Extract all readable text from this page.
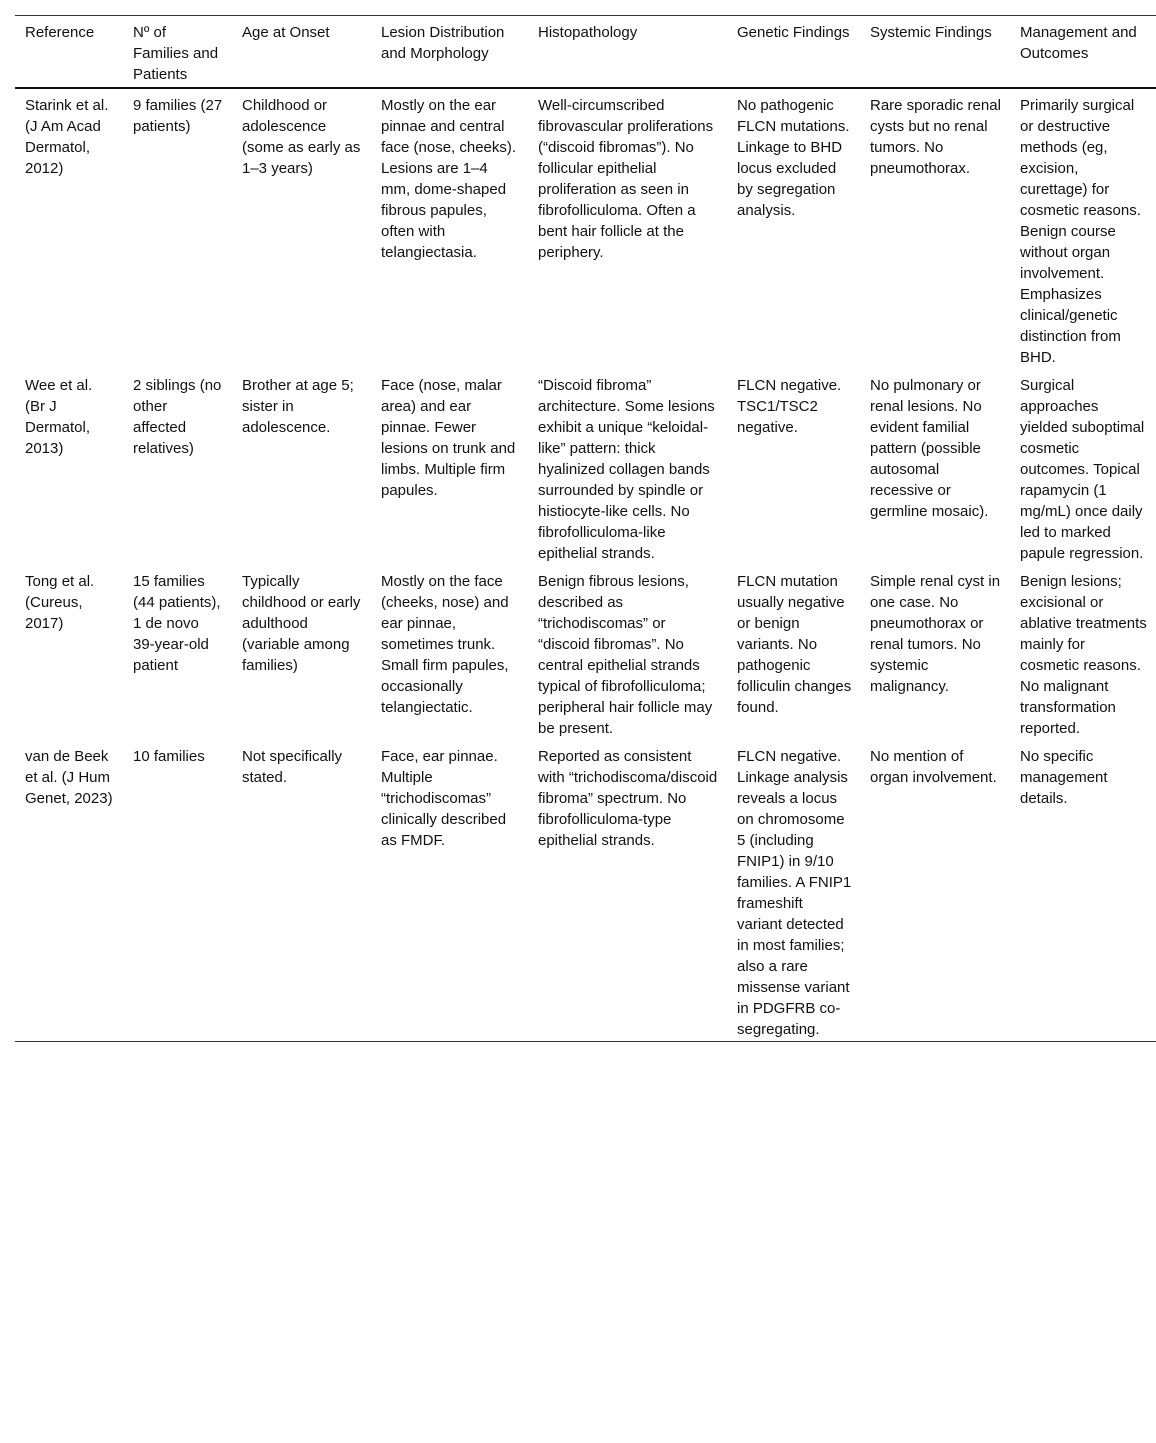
Reference	Nº of Families and Patients	Age at Onset	Lesion Distribution and Morphology	Histopathology	Genetic Findings	Systemic Findings	Management and Outcomes
Starink et al. (J Am Acad Dermatol, 2012)	9 families (27 patients)	Childhood or adolescence (some as early as 1–3 years)	Mostly on the ear pinnae and central face (nose, cheeks). Lesions are 1–4 mm, dome-shaped fibrous papules, often with telangiectasia.	Well-circumscribed fibrovascular proliferations (“discoid fibromas”). No follicular epithelial proliferation as seen in fibrofolliculoma. Often a bent hair follicle at the periphery.	No pathogenic FLCN mutations. Linkage to BHD locus excluded by segregation analysis.	Rare sporadic renal cysts but no renal tumors. No pneumothorax.	Primarily surgical or destructive methods (eg, excision, curettage) for cosmetic reasons. Benign course without organ involvement. Emphasizes clinical/genetic distinction from BHD.
Wee et al. (Br J Dermatol, 2013)	2 siblings (no other affected relatives)	Brother at age 5; sister in adolescence.	Face (nose, malar area) and ear pinnae. Fewer lesions on trunk and limbs. Multiple firm papules.	“Discoid fibroma” architecture. Some lesions exhibit a unique “keloidal-like” pattern: thick hyalinized collagen bands surrounded by spindle or histiocyte-like cells. No fibrofolliculoma-like epithelial strands.	FLCN negative. TSC1/TSC2 negative.	No pulmonary or renal lesions. No evident familial pattern (possible autosomal recessive or germline mosaic).	Surgical approaches yielded suboptimal cosmetic outcomes. Topical rapamycin (1 mg/mL) once daily led to marked papule regression.
Tong et al. (Cureus, 2017)	15 families (44 patients), 1 de novo 39-year-old patient	Typically childhood or early adulthood (variable among families)	Mostly on the face (cheeks, nose) and ear pinnae, sometimes trunk. Small firm papules, occasionally telangiectatic.	Benign fibrous lesions, described as “trichodiscomas” or “discoid fibromas”. No central epithelial strands typical of fibrofolliculoma; peripheral hair follicle may be present.	FLCN mutation usually negative or benign variants. No pathogenic folliculin changes found.	Simple renal cyst in one case. No pneumothorax or renal tumors. No systemic malignancy.	Benign lesions; excisional or ablative treatments mainly for cosmetic reasons. No malignant transformation reported.
van de Beek et al. (J Hum Genet, 2023)	10 families	Not specifically stated.	Face, ear pinnae. Multiple “trichodiscomas” clinically described as FMDF.	Reported as consistent with “trichodiscoma/discoid fibroma” spectrum. No fibrofolliculoma-type epithelial strands.	FLCN negative. Linkage analysis reveals a locus on chromosome 5 (including FNIP1) in 9/10 families. A FNIP1 frameshift variant detected in most families; also a rare missense variant in PDGFRB co-segregating.	No mention of organ involvement.	No specific management details.
